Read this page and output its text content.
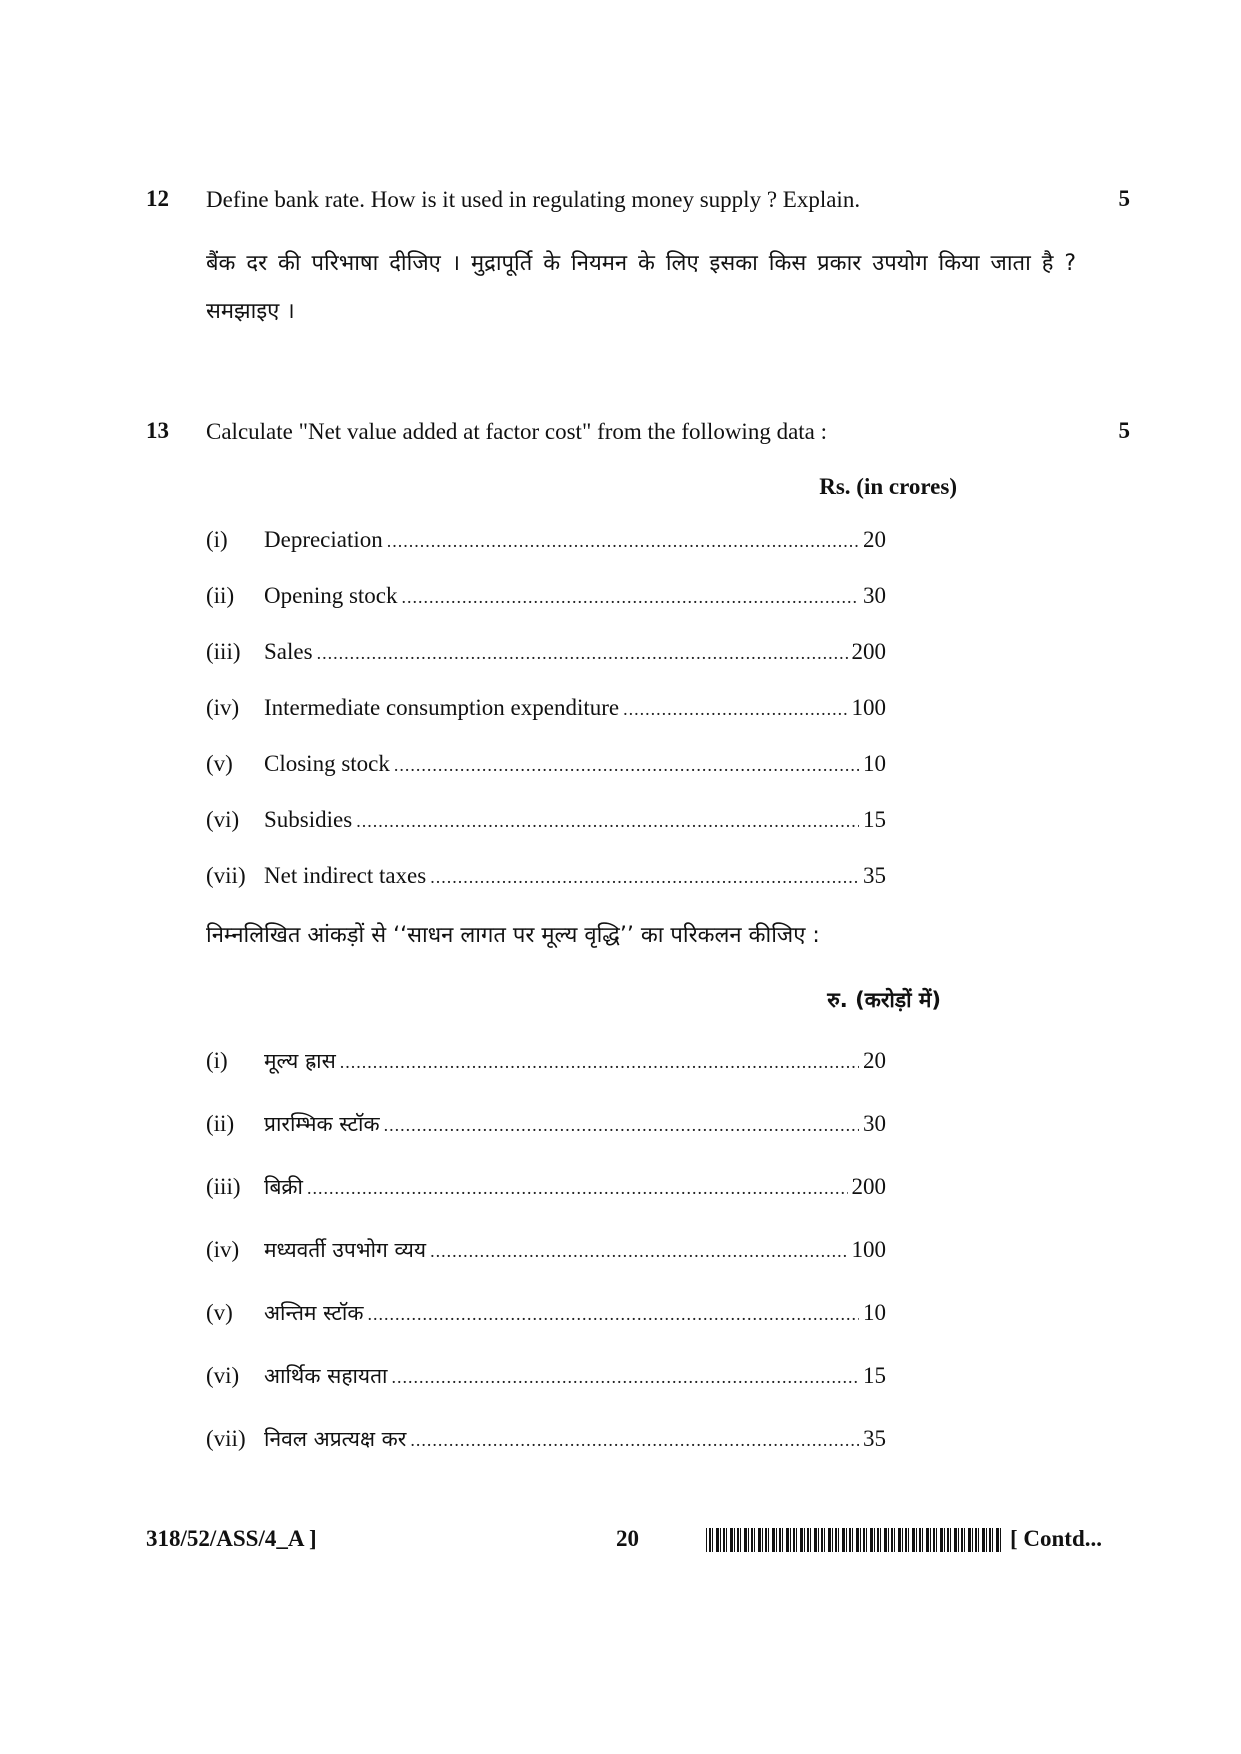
12	Define bank rate. How is it used in regulating money supply ? Explain.	5
बैंक दर की परिभाषा दीजिए । मुद्रापूर्ति के नियमन के लिए इसका किस प्रकार उपयोग किया जाता है ? समझाइए ।
13	Calculate "Net value added at factor cost" from the following data :	5
Rs. (in crores)
(i)	Depreciation .....	20
(ii)	Opening stock .....	30
(iii)	Sales .....	200
(iv)	Intermediate consumption expenditure .....	100
(v)	Closing stock .....	10
(vi)	Subsidies .....	15
(vii) Net indirect taxes .....	35
निम्नलिखित आंकड़ों से ‘‘साधन लागत पर मूल्य वृद्धि’’ का परिकलन कीजिए :
रु. (करोड़ों में)
(i)	मूल्य ह्रास .....	20
(ii)	प्रारम्भिक स्टॉक .....	30
(iii)	बिक्री .....	200
(iv)	मध्यवर्ती उपभोग व्यय .....	100
(v)	अन्तिम स्टॉक .....	10
(vi)	आर्थिक सहायता .....	15
(vii) निवल अप्रत्यक्ष कर .....	35
318/52/ASS/4_A ]	20	[ Contd...
